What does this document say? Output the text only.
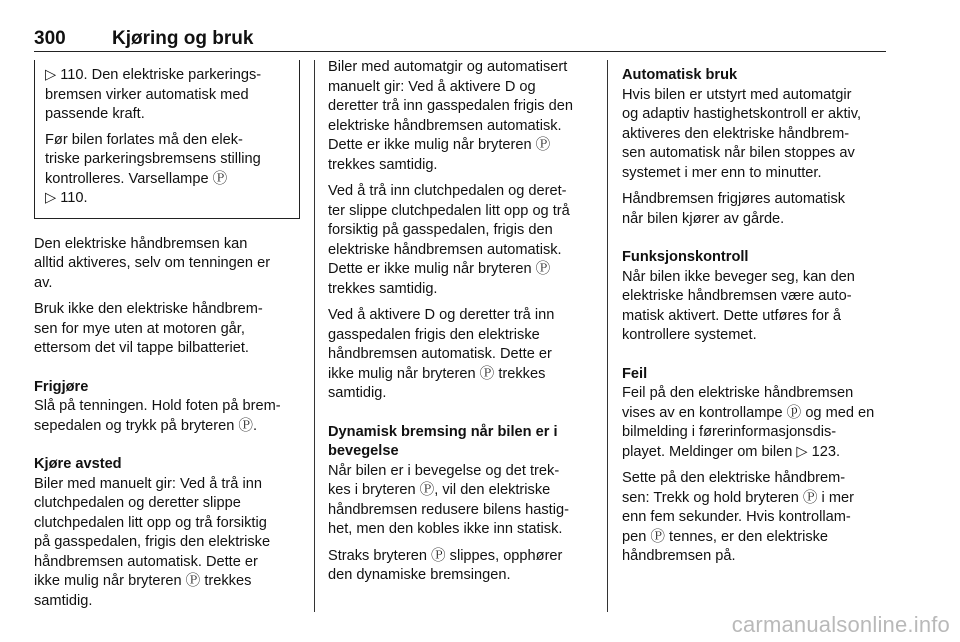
300 Kjøring og bruk
▷ 110. Den elektriske parkerings-
bremsen virker automatisk med
passende kraft.
Før bilen forlates må den elek-
triske parkeringsbremsens stilling
kontrolleres. Varsellampe Ⓟ
▷ 110.
Den elektriske håndbremsen kan
alltid aktiveres, selv om tenningen er
av.
Bruk ikke den elektriske håndbrem-
sen for mye uten at motoren går,
ettersom det vil tappe bilbatteriet.
Frigjøre
Slå på tenningen. Hold foten på brem-
sepedalen og trykk på bryteren Ⓟ.
Kjøre avsted
Biler med manuelt gir: Ved å trå inn
clutchpedalen og deretter slippe
clutchpedalen litt opp og trå forsiktig
på gasspedalen, frigis den elektriske
håndbremsen automatisk. Dette er
ikke mulig når bryteren Ⓟ trekkes
samtidig.
Biler med automatgir og automatisert
manuelt gir: Ved å aktivere D og
deretter trå inn gasspedalen frigis den
elektriske håndbremsen automatisk.
Dette er ikke mulig når bryteren Ⓟ
trekkes samtidig.
Ved å trå inn clutchpedalen og deret-
ter slippe clutchpedalen litt opp og trå
forsiktig på gasspedalen, frigis den
elektriske håndbremsen automatisk.
Dette er ikke mulig når bryteren Ⓟ
trekkes samtidig.
Ved å aktivere D og deretter trå inn
gasspedalen frigis den elektriske
håndbremsen automatisk. Dette er
ikke mulig når bryteren Ⓟ trekkes
samtidig.
Dynamisk bremsing når bilen er i
bevegelse
Når bilen er i bevegelse og det trek-
kes i bryteren Ⓟ, vil den elektriske
håndbremsen redusere bilens hastig-
het, men den kobles ikke inn statisk.
Straks bryteren Ⓟ slippes, opphører
den dynamiske bremsingen.
Automatisk bruk
Hvis bilen er utstyrt med automatgir
og adaptiv hastighetskontroll er aktiv,
aktiveres den elektriske håndbrem-
sen automatisk når bilen stoppes av
systemet i mer enn to minutter.
Håndbremsen frigjøres automatisk
når bilen kjører av gårde.
Funksjonskontroll
Når bilen ikke beveger seg, kan den
elektriske håndbremsen være auto-
matisk aktivert. Dette utføres for å
kontrollere systemet.
Feil
Feil på den elektriske håndbremsen
vises av en kontrollampe ⓟ og med en
bilmelding i førerinformasjonsdis-
playet. Meldinger om bilen ▷ 123.
Sette på den elektriske håndbrem-
sen: Trekk og hold bryteren Ⓟ i mer
enn fem sekunder. Hvis kontrollam-
pen Ⓟ tennes, er den elektriske
håndbremsen på.
carmanualsonline.info
